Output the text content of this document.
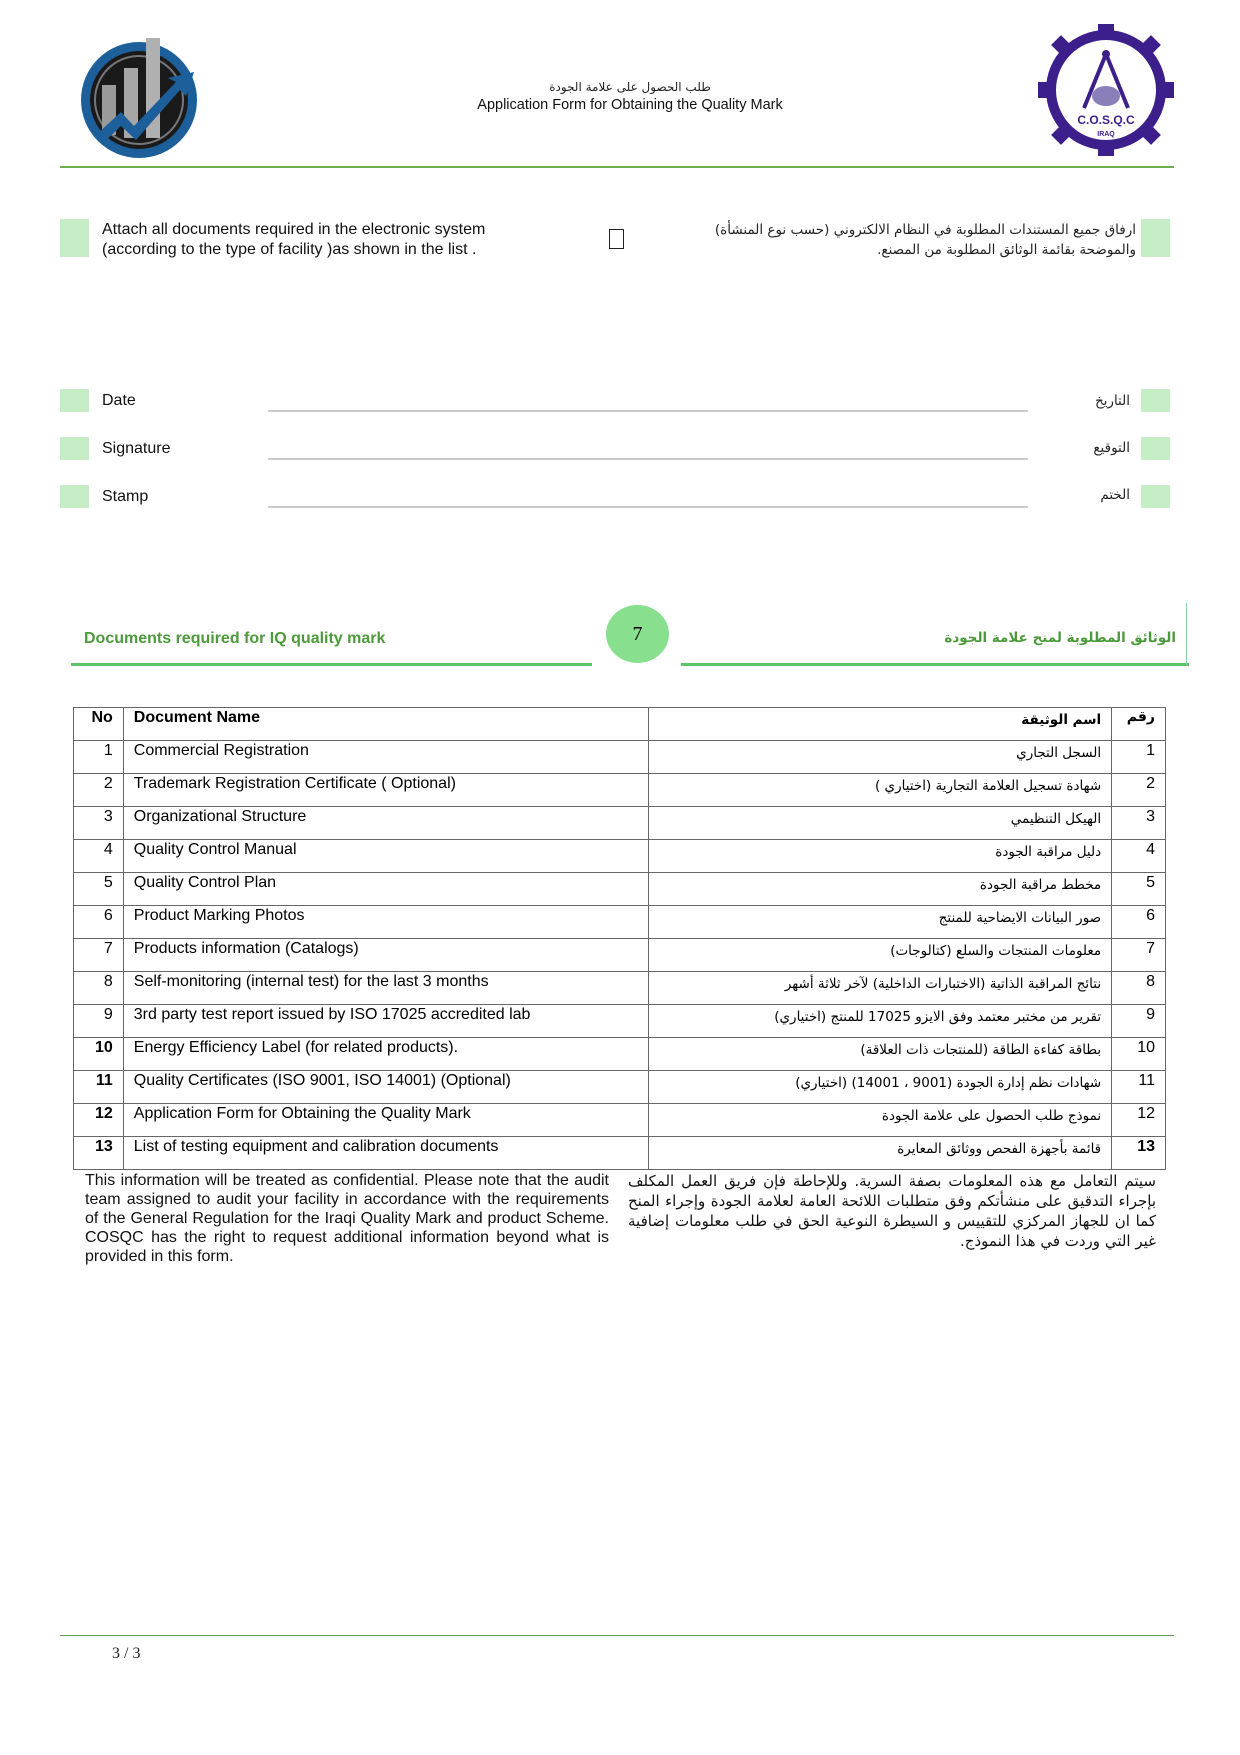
طلب الحصول على علامة الجودة
Application Form for Obtaining the Quality Mark
C.O.S.Q.C
IRAQ
Attach all documents required in the electronic system
(according to the type of facility )as shown in the list .
ارفاق جميع المستندات المطلوبة في النظام الالكتروني (حسب نوع المنشأة)
والموضحة بقائمة الوثائق المطلوبة من المصنع.
Date	التاريخ
Signature	التوقيع
Stamp	الختم
Documents required for IQ quality mark	7	الوثائق المطلوبة لمنح علامة الجودة
No	Document Name	اسم الوثيقة	رقم
1	Commercial Registration	السجل التجاري	1
2	Trademark Registration Certificate ( Optional)	شهادة تسجيل العلامة التجارية (اختياري )	2
3	Organizational Structure	الهيكل التنظيمي	3
4	Quality Control Manual	دليل مراقبة الجودة	4
5	Quality Control Plan	مخطط مراقبة الجودة	5
6	Product Marking Photos	صور البيانات الايضاحية للمنتج	6
7	Products information (Catalogs)	معلومات المنتجات والسلع (كتالوجات)	7
8	Self-monitoring (internal test) for the last 3 months	نتائج المراقبة الذاتية (الاختبارات الداخلية) لآخر ثلاثة أشهر	8
9	3rd party test report issued by ISO 17025 accredited lab	تقرير من مختبر معتمد وفق الايزو 17025 للمنتج (اختياري)	9
10	Energy Efficiency Label (for related products).	بطاقة كفاءة الطاقة (للمنتجات ذات العلاقة)	10
11	Quality Certificates (ISO 9001, ISO 14001) (Optional)	شهادات نظم إدارة الجودة (9001 ، 14001) (اختياري)	11
12	Application Form for Obtaining the Quality Mark	نموذج طلب الحصول على علامة الجودة	12
13	List of testing equipment and calibration documents	قائمة بأجهزة الفحص ووثائق المعايرة	13
This information will be treated as confidential. Please note that the audit team assigned to audit your facility in accordance with the requirements of the General Regulation for the Iraqi Quality Mark and product Scheme. COSQC has the right to request additional information beyond what is provided in this form.
سيتم التعامل مع هذه المعلومات بصفة السرية. وللإحاطة فإن فريق العمل المكلف بإجراء التدقيق على منشأتكم وفق متطلبات اللائحة العامة لعلامة الجودة وإجراء المنح كما ان للجهاز المركزي للتقييس و السيطرة النوعية الحق في طلب معلومات إضافية غير التي وردت في هذا النموذج.
3 / 3
